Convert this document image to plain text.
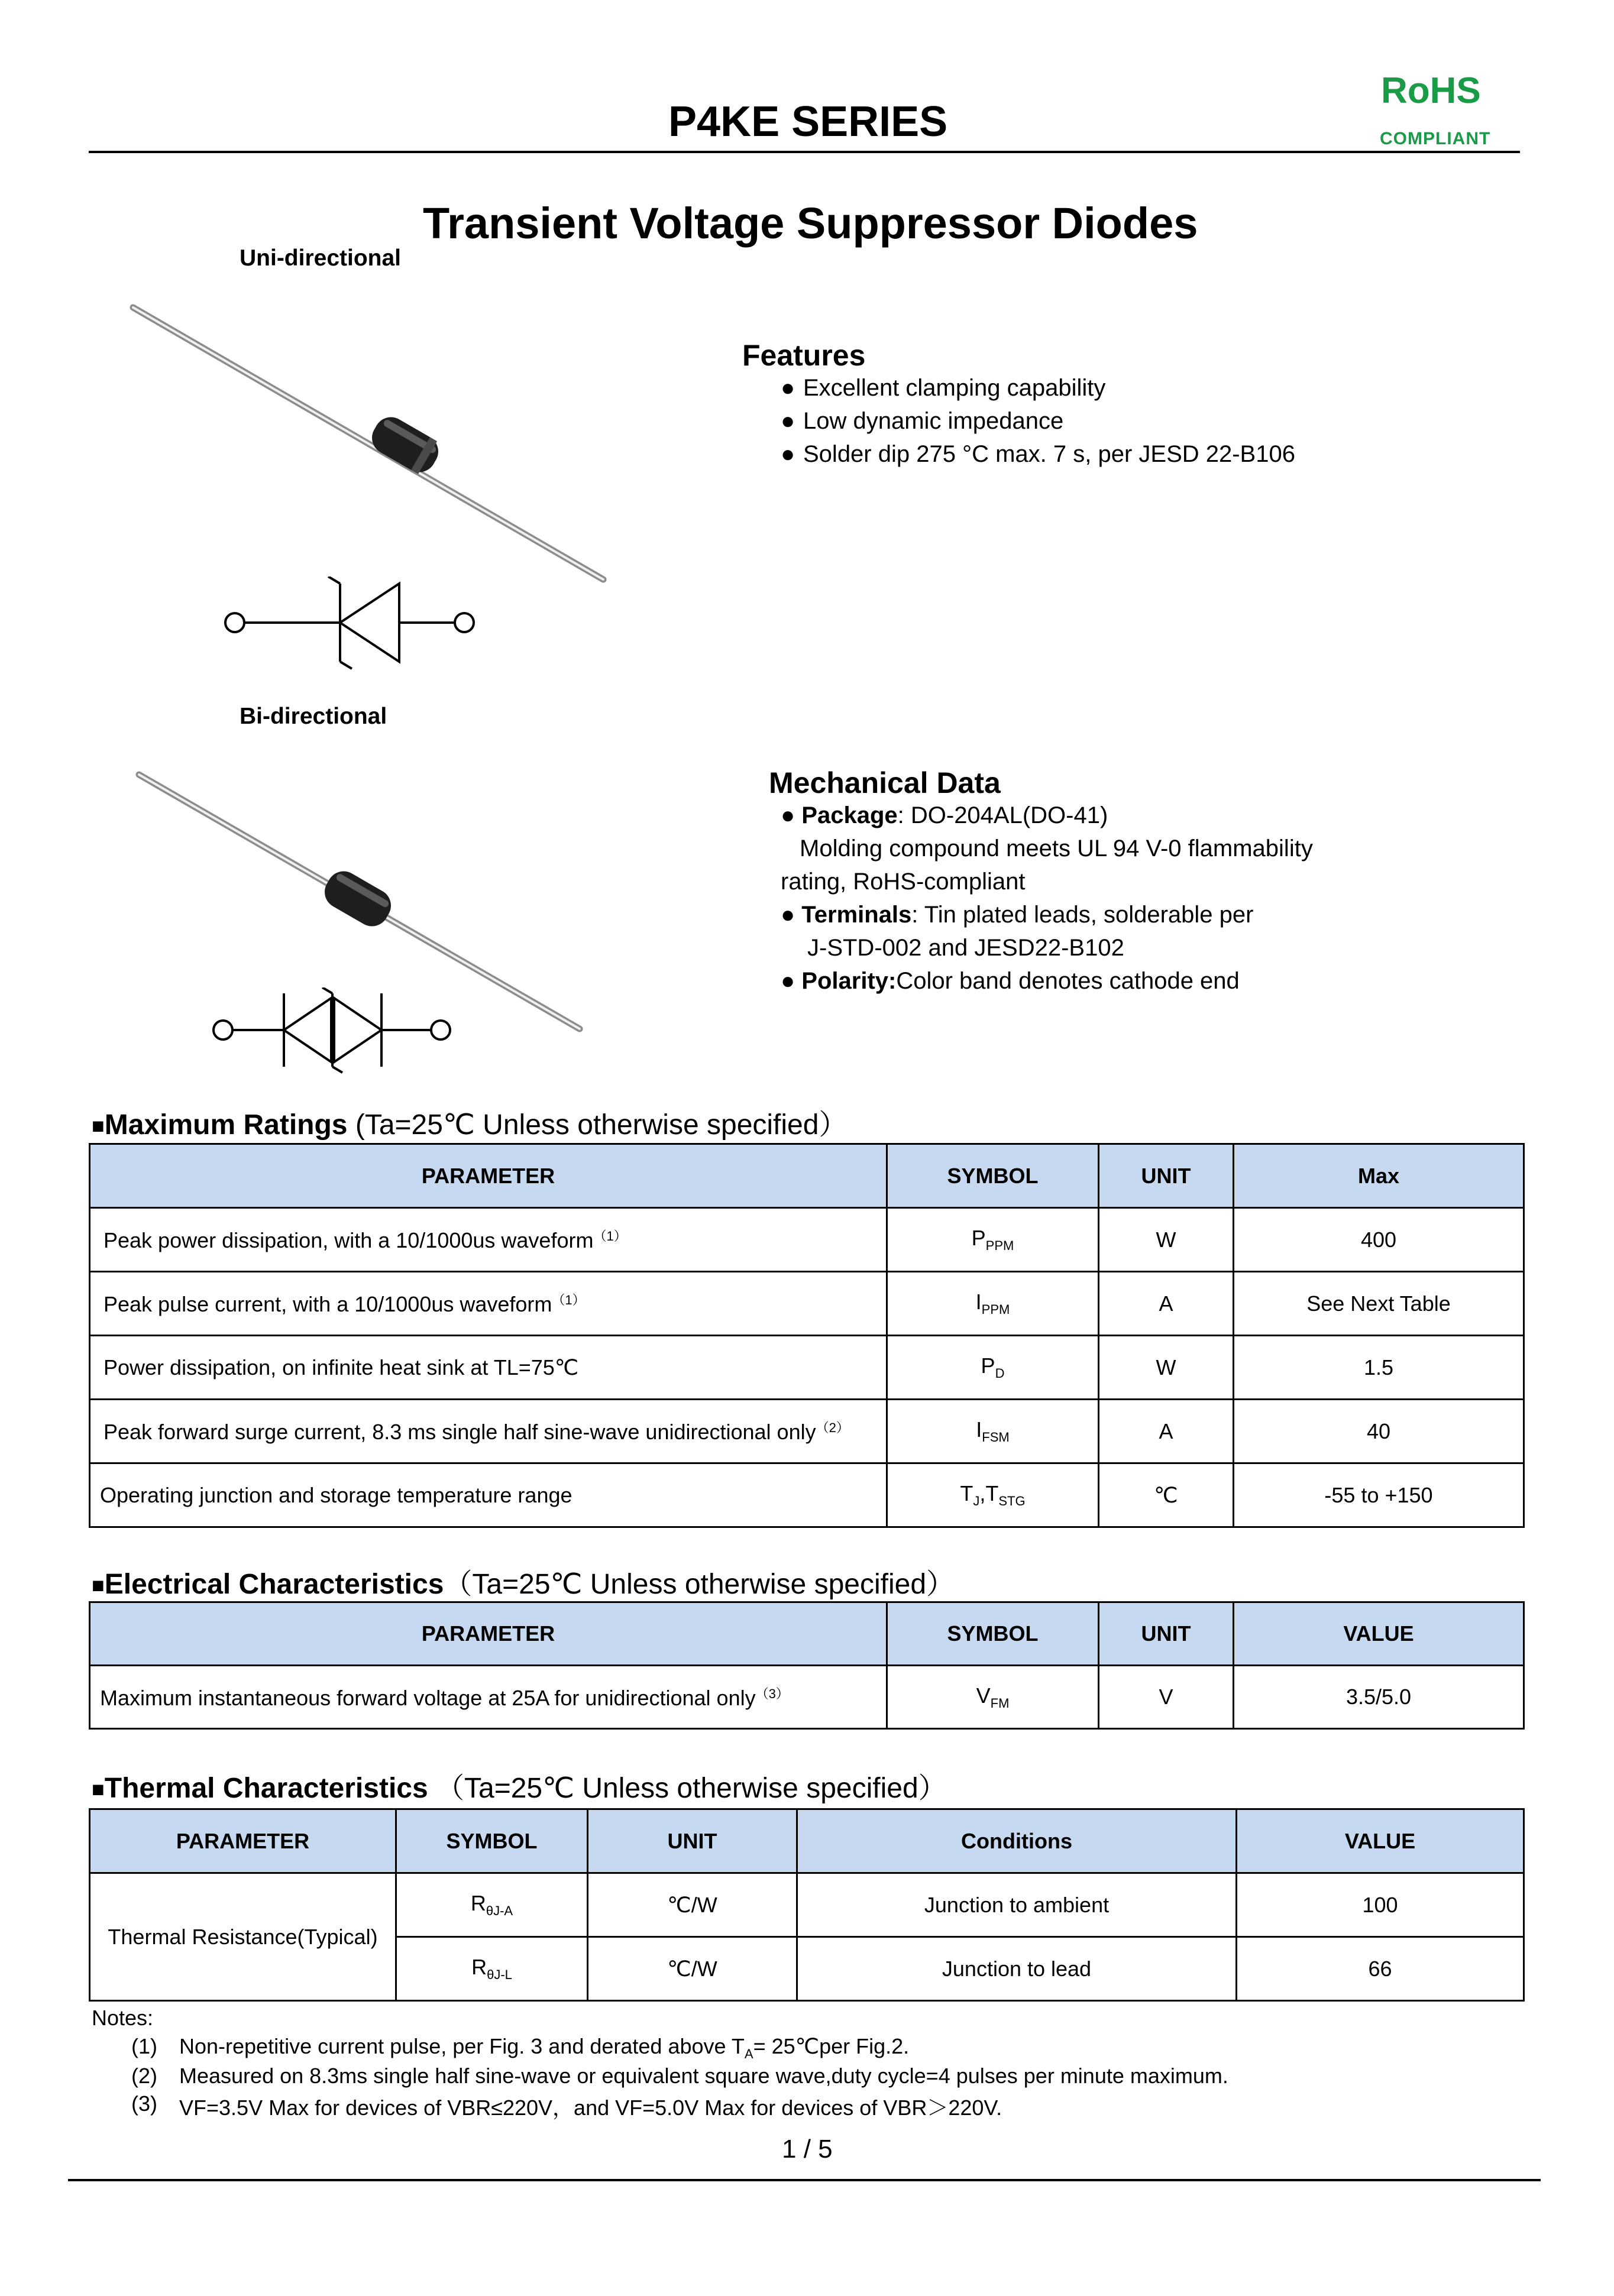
P4KE SERIES
RoHS
COMPLIANT
Transient Voltage Suppressor Diodes
Uni-directional
Bi-directional
Features
● Excellent clamping capability
● Low dynamic impedance
● Solder dip 275 °C max. 7 s, per JESD 22-B106
Mechanical Data
● Package: DO-204AL(DO-41)
Molding compound meets UL 94 V-0 flammability
rating, RoHS-compliant
● Terminals: Tin plated leads, solderable per
J-STD-002 and JESD22-B102
● Polarity:Color band denotes cathode end
■Maximum Ratings (Ta=25℃ Unless otherwise specified）
PARAMETER	SYMBOL	UNIT	Max
Peak power dissipation, with a 10/1000us waveform$^{(1)}$	$P_{PPM}$	W	400
Peak pulse current, with a 10/1000us waveform$^{(1)}$	$I_{PPM}$	A	See Next Table
Power dissipation, on infinite heat sink at TL=75℃	$P_D$	W	1.5
Peak forward surge current, 8.3 ms single half sine-wave unidirectional only$^{(2)}$	$I_{FSM}$	A	40
Operating junction and storage temperature range	$T_J,T_{STG}$	℃	-55 to +150
■Electrical Characteristics（Ta=25℃ Unless otherwise specified）
PARAMETER	SYMBOL	UNIT	VALUE
Maximum instantaneous forward voltage at 25A for unidirectional only$^{(3)}$	$V_{FM}$	V	3.5/5.0
■Thermal Characteristics （Ta=25℃ Unless otherwise specified）
PARAMETER	SYMBOL	UNIT	Conditions	VALUE
Thermal Resistance(Typical)	$R_{\theta J-A}$	℃/W	Junction to ambient	100
	$R_{\theta J-L}$	℃/W	Junction to lead	66
Notes:
(1) Non-repetitive current pulse, per Fig. 3 and derated above $T_A=$ 25℃per Fig.2.
(2) Measured on 8.3ms single half sine-wave or equivalent square wave,duty cycle=4 pulses per minute maximum.
(3) VF=3.5V Max for devices of VBR≤220V，and VF=5.0V Max for devices of VBR＞220V.
1 / 5
